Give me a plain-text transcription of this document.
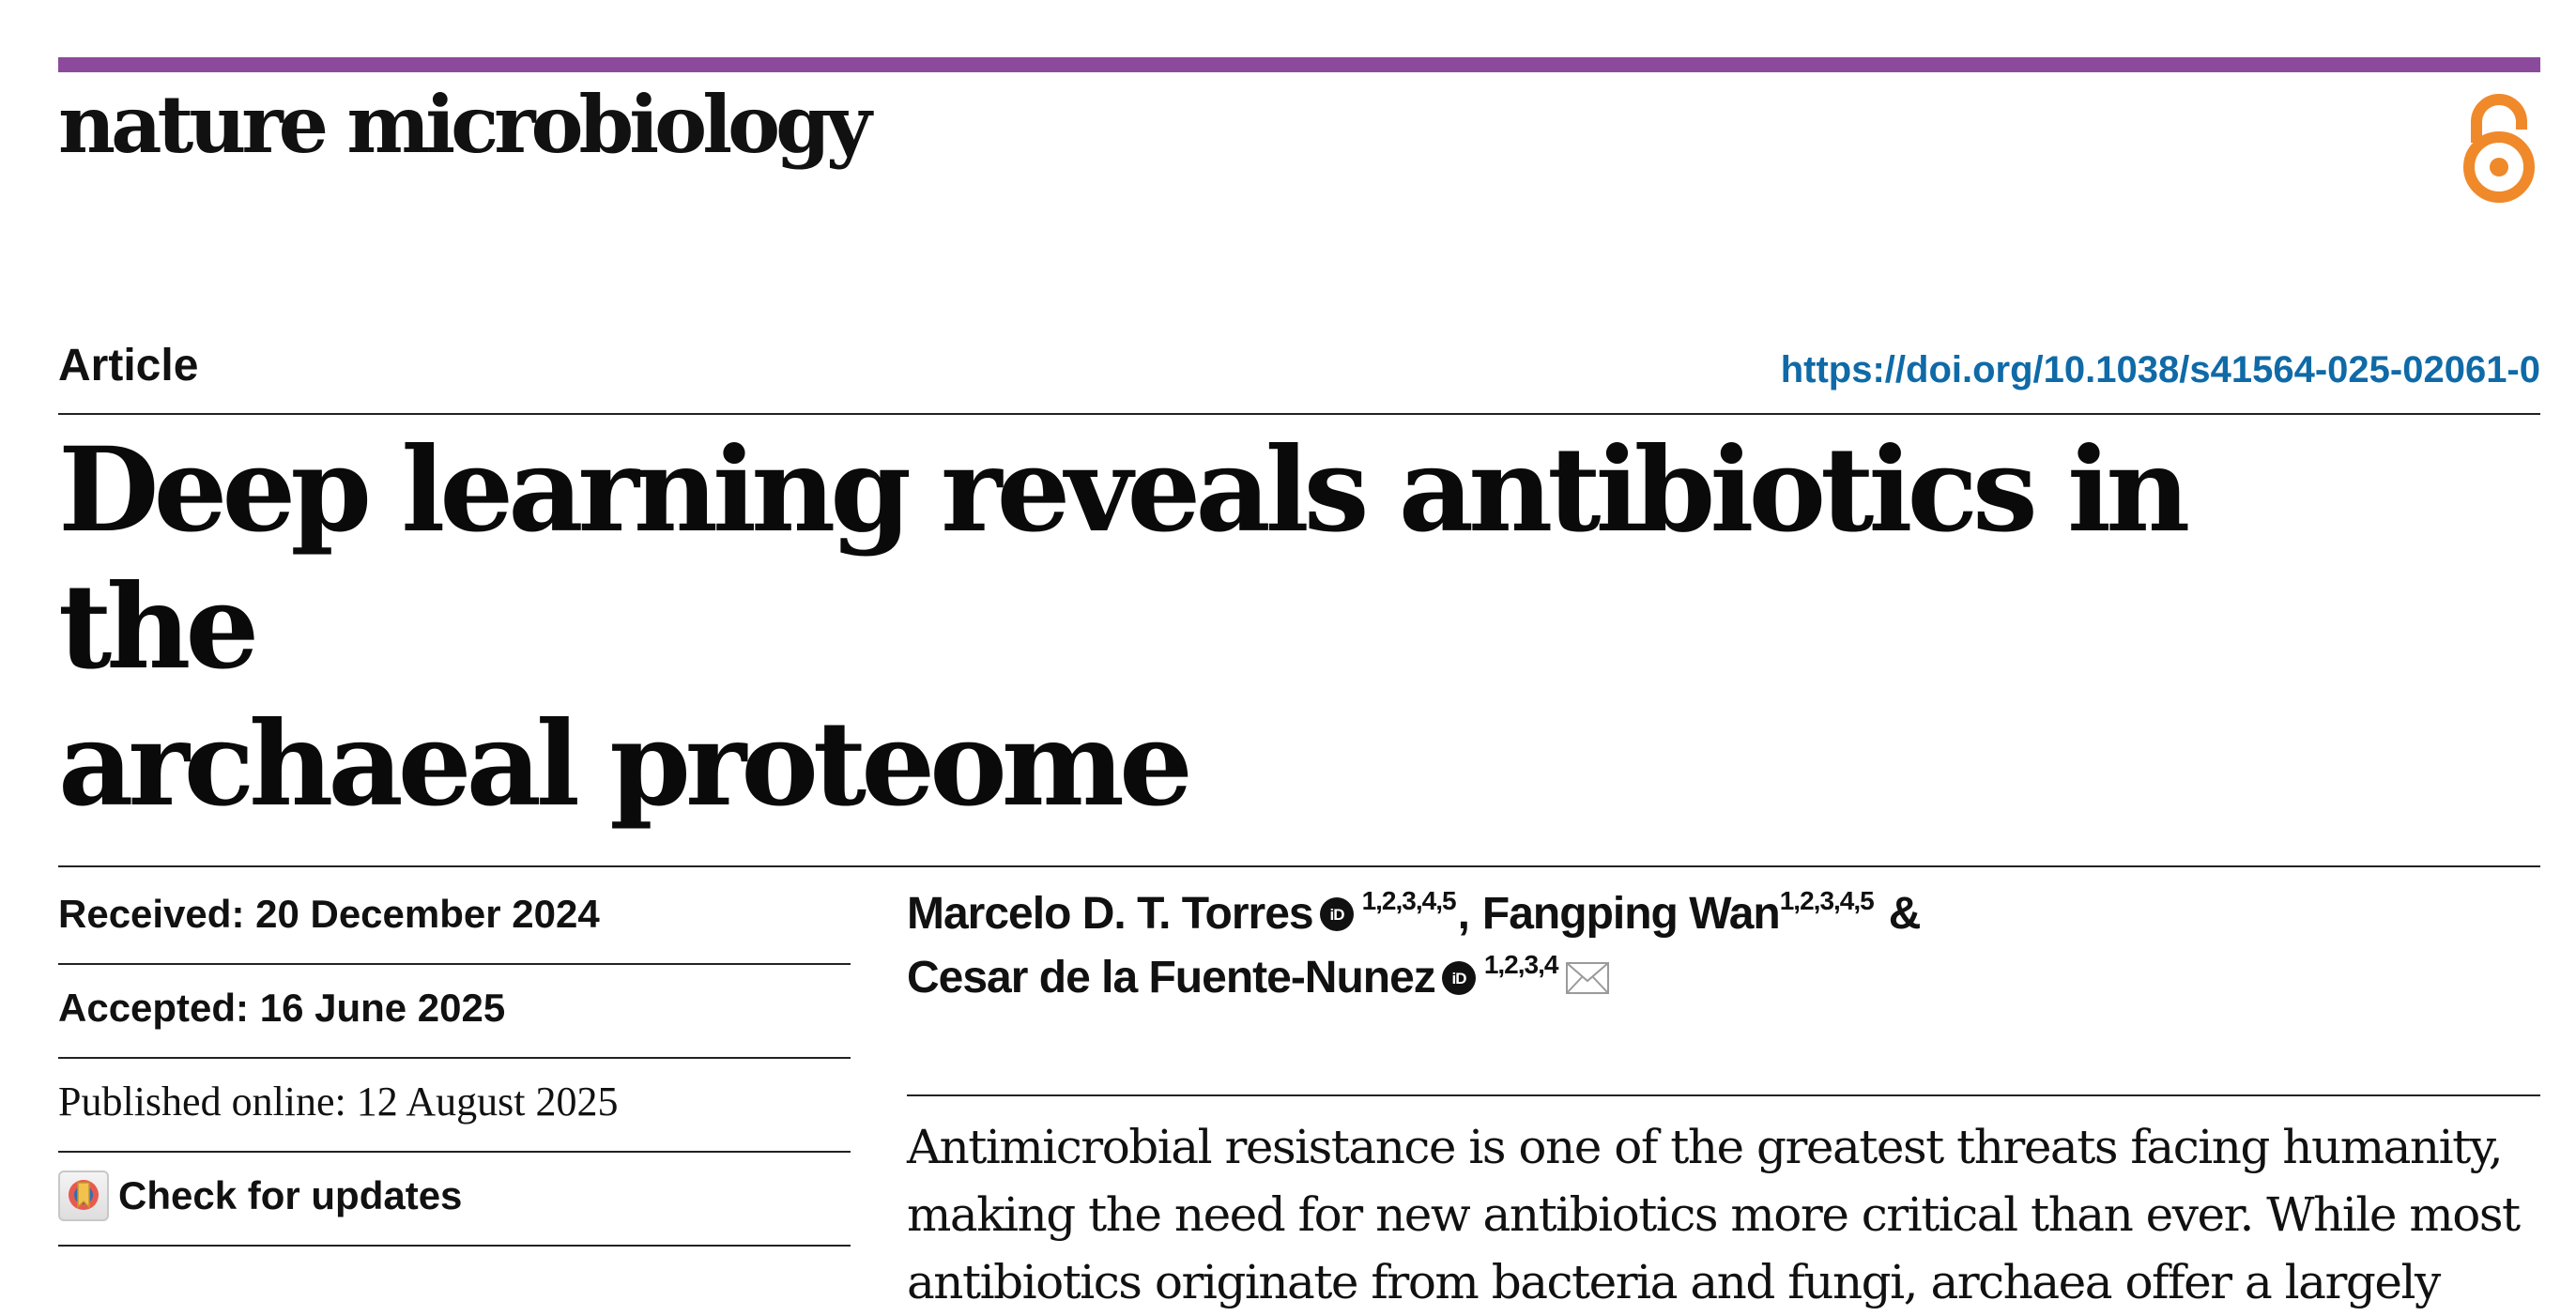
nature microbiology
Article	https://doi.org/10.1038/s41564-025-02061-0
Deep learning reveals antibiotics in the
archaeal proteome
Received: 20 December 2024
Accepted: 16 June 2025
Published online: 12 August 2025
Check for updates
Marcelo D. T. Torres iD 1,2,3,4,5 , Fangping Wan 1,2,3,4,5 &
Cesar de la Fuente-Nunez iD 1,2,3,4
Antimicrobial resistance is one of the greatest threats facing humanity,
making the need for new antibiotics more critical than ever. While most
antibiotics originate from bacteria and fungi, archaea offer a largely
